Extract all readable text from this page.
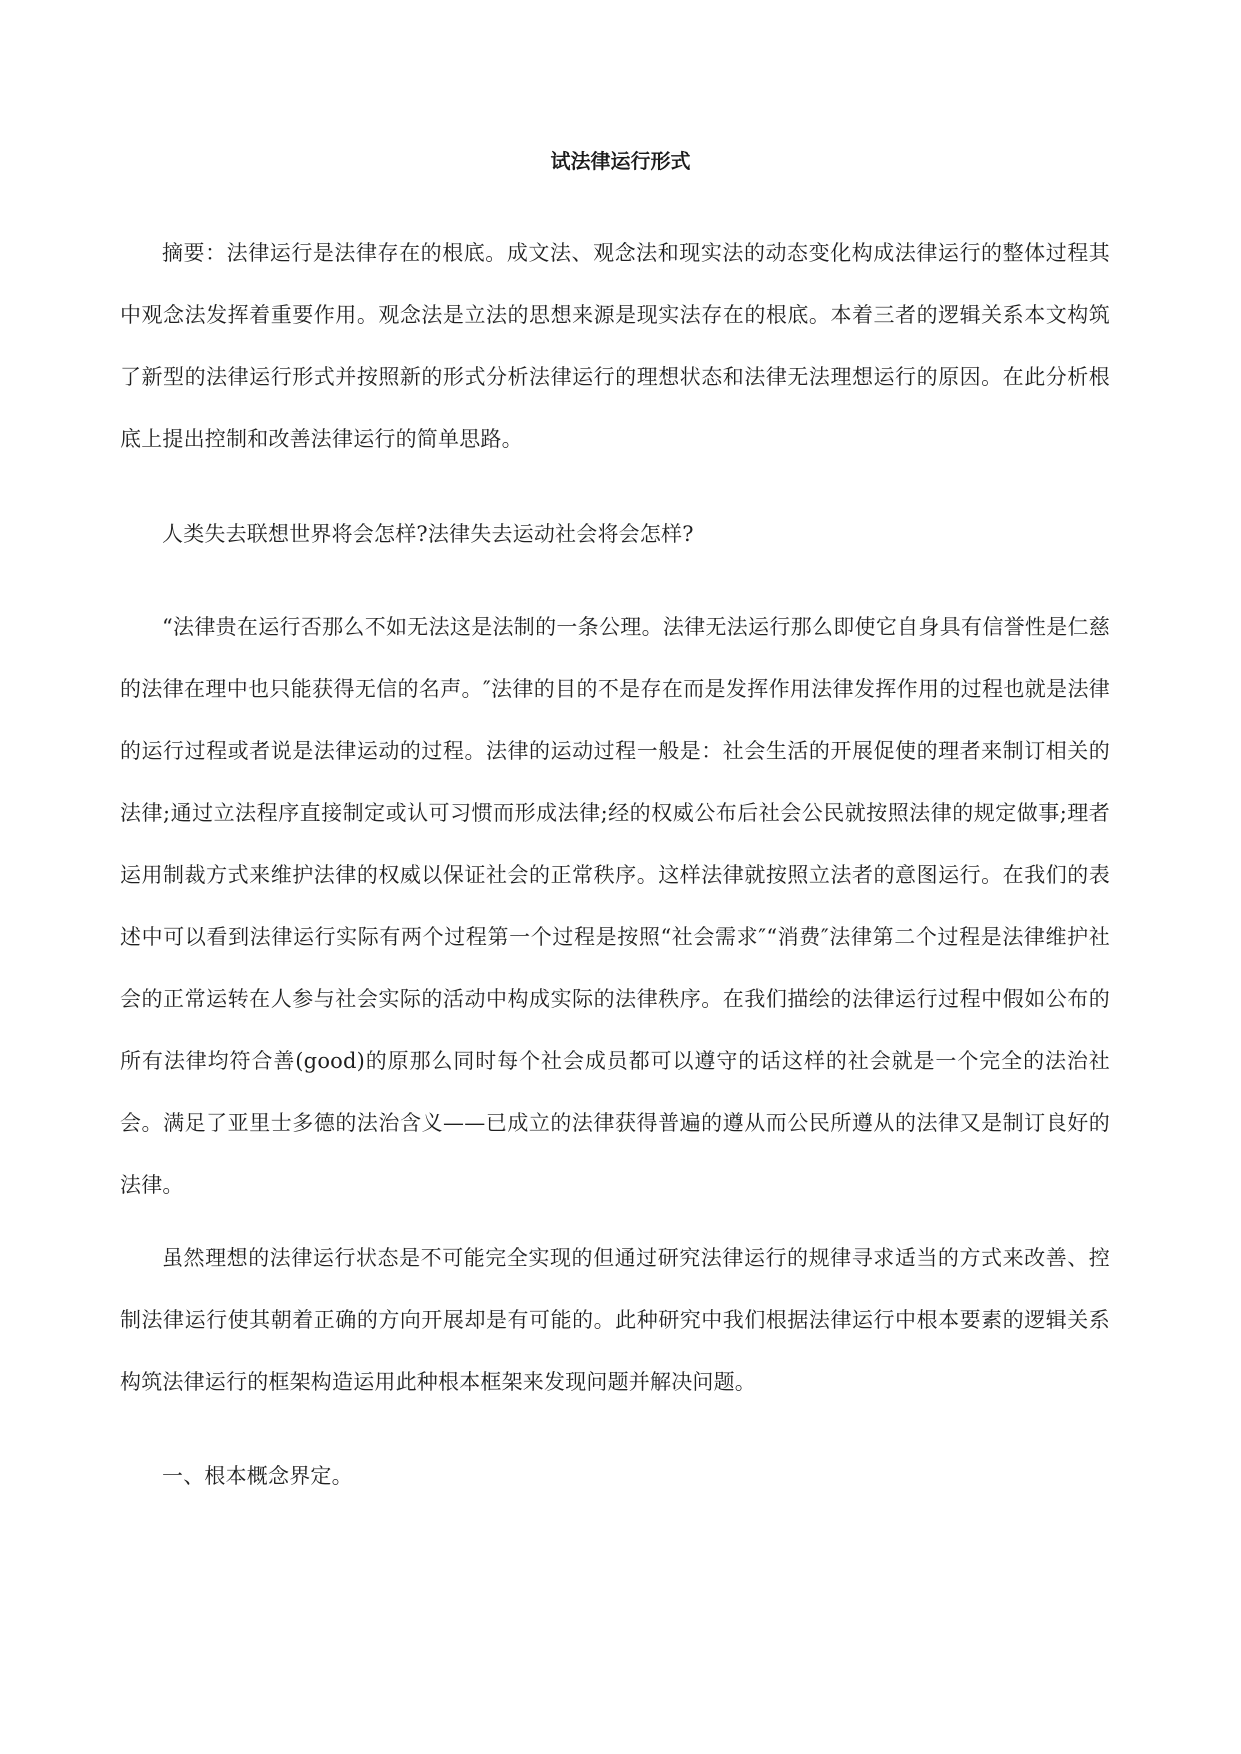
试法律运行形式

摘要：法律运行是法律存在的根底。成文法、观念法和现实法的动态变化构成法律运行的整体过程其中观念法发挥着重要作用。观念法是立法的思想来源是现实法存在的根底。本着三者的逻辑关系本文构筑了新型的法律运行形式并按照新的形式分析法律运行的理想状态和法律无法理想运行的原因。在此分析根底上提出控制和改善法律运行的简单思路。

人类失去联想世界将会怎样?法律失去运动社会将会怎样?

“法律贵在运行否那么不如无法这是法制的一条公理。法律无法运行那么即使它自身具有信誉性是仁慈的法律在理中也只能获得无信的名声。″法律的目的不是存在而是发挥作用法律发挥作用的过程也就是法律的运行过程或者说是法律运动的过程。法律的运动过程一般是：社会生活的开展促使的理者来制订相关的法律;通过立法程序直接制定或认可习惯而形成法律;经的权威公布后社会公民就按照法律的规定做事;理者运用制裁方式来维护法律的权威以保证社会的正常秩序。这样法律就按照立法者的意图运行。在我们的表述中可以看到法律运行实际有两个过程第一个过程是按照“社会需求″“消费″法律第二个过程是法律维护社会的正常运转在人参与社会实际的活动中构成实际的法律秩序。在我们描绘的法律运行过程中假如公布的所有法律均符合善(good)的原那么同时每个社会成员都可以遵守的话这样的社会就是一个完全的法治社会。满足了亚里士多德的法治含义——已成立的法律获得普遍的遵从而公民所遵从的法律又是制订良好的法律。

虽然理想的法律运行状态是不可能完全实现的但通过研究法律运行的规律寻求适当的方式来改善、控制法律运行使其朝着正确的方向开展却是有可能的。此种研究中我们根据法律运行中根本要素的逻辑关系构筑法律运行的框架构造运用此种根本框架来发现问题并解决问题。

一、根本概念界定。
